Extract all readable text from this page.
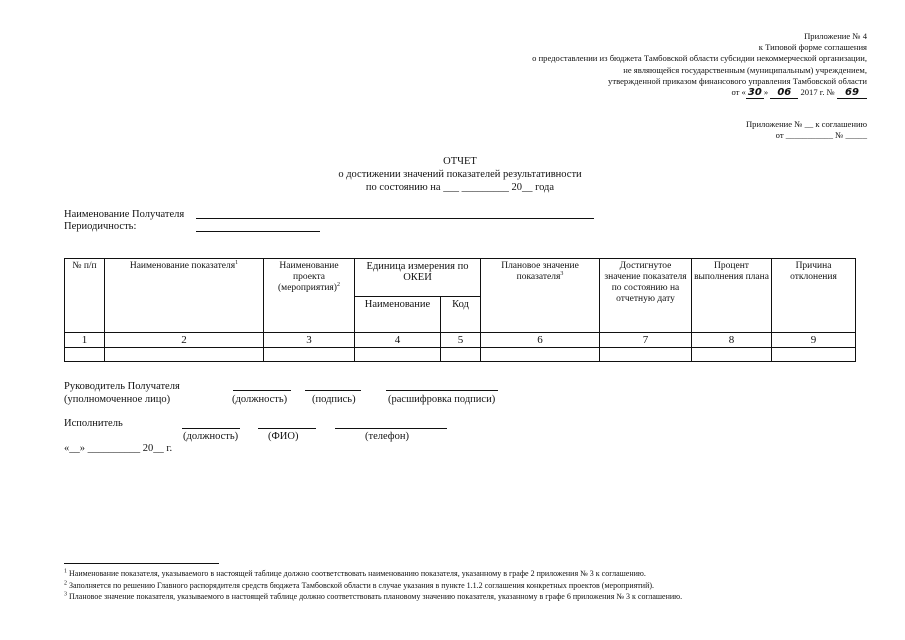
Приложение № 4
к Типовой форме соглашения
о предоставлении из бюджета Тамбовской области субсидии некоммерческой организации,
не являющейся государственным (муниципальным) учреждением,
утвержденной приказом финансового управления Тамбовской области
от « 30 » 06 2017 г. № 69
Приложение № __ к соглашению
от ___________ № _____
ОТЧЕТ
о достижении значений показателей результативности
по состоянию на ___ _________ 20__ года
Наименование Получателя
Периодичность:
№ п/п	Наименование показателя$^1$	Наименование проекта (мероприятия)$^2$	Единица измерения по ОКЕИ		Плановое значение показателя$^3$	Достигнутое значение показателя по состоянию на отчетную дату	Процент выполнения плана	Причина отклонения
			Наименование	Код				
1	2	3	4	5	6	7	8	9

Руководитель Получателя
(уполномоченное лицо)	(должность) (подпись)	(расшифровка подписи)
Исполнитель
(должность)	(ФИО)	(телефон)
«__» __________ 20__ г.
$^1$ Наименование показателя, указываемого в настоящей таблице должно соответствовать наименованию показателя, указанному в графе 2 приложения № 3 к соглашению.
$^2$ Заполняется по решению Главного распорядителя средств бюджета Тамбовской области в случае указания в пункте 1.1.2 соглашения конкретных проектов (мероприятий).
$^3$ Плановое значение показателя, указываемого в настоящей таблице должно соответствовать плановому значению показателя, указанному в графе 6 приложения № 3 к соглашению.
